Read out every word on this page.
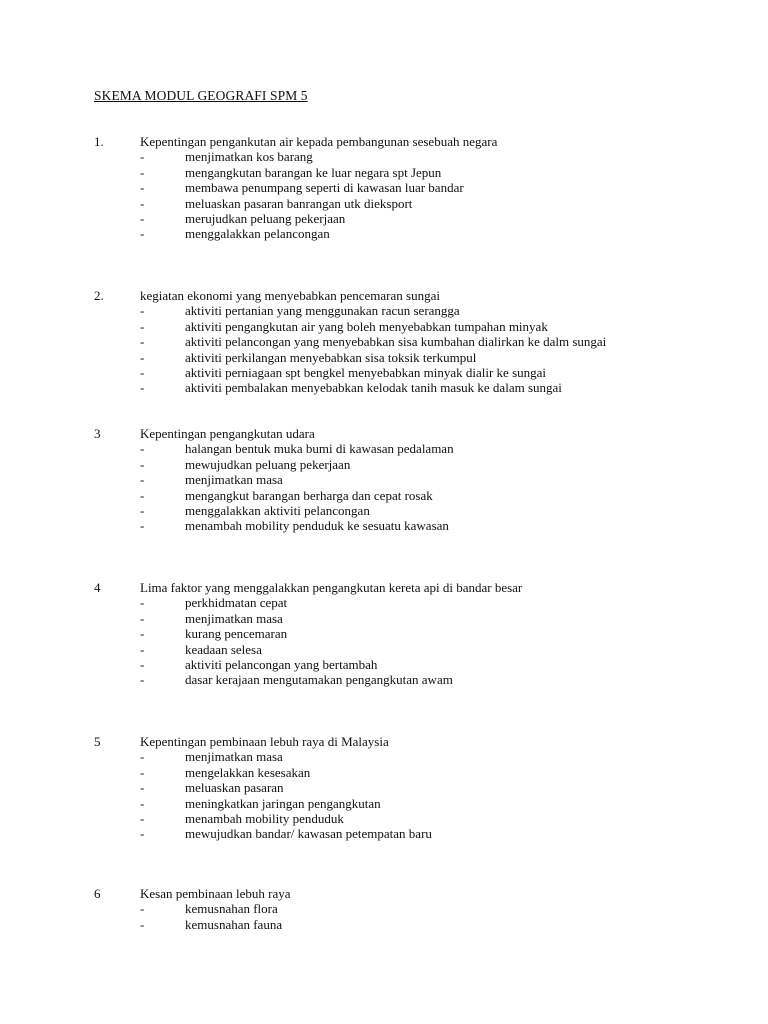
SKEMA MODUL GEOGRAFI SPM 5
1.	Kepentingan pengankutan air kepada pembangunan sesebuah negara
-	menjimatkan kos barang
-	mengangkutan barangan ke luar negara spt Jepun
-	membawa penumpang seperti di kawasan luar bandar
-	meluaskan pasaran banrangan utk dieksport
-	merujudkan peluang pekerjaan
-	menggalakkan pelancongan
2.	kegiatan ekonomi yang menyebabkan pencemaran sungai
-	aktiviti pertanian yang menggunakan racun serangga
-	aktiviti pengangkutan air yang boleh menyebabkan tumpahan minyak
-	aktiviti pelancongan yang menyebabkan sisa kumbahan dialirkan ke dalm sungai
-	aktiviti perkilangan menyebabkan sisa toksik terkumpul
-	aktiviti perniagaan spt bengkel menyebabkan minyak dialir ke sungai
-	aktiviti pembalakan menyebabkan kelodak tanih masuk ke dalam sungai
3	Kepentingan pengangkutan udara
-	halangan bentuk muka bumi di kawasan pedalaman
-	mewujudkan peluang pekerjaan
-	menjimatkan masa
-	mengangkut barangan berharga dan cepat rosak
-	menggalakkan aktiviti pelancongan
-	menambah mobility penduduk ke sesuatu kawasan
4	Lima faktor yang menggalakkan pengangkutan kereta api di bandar besar
-	perkhidmatan cepat
-	menjimatkan masa
-	kurang pencemaran
-	keadaan selesa
-	aktiviti pelancongan yang bertambah
-	dasar kerajaan mengutamakan pengangkutan awam
5	Kepentingan pembinaan lebuh raya di Malaysia
-	menjimatkan masa
-	mengelakkan kesesakan
-	meluaskan pasaran
-	meningkatkan jaringan pengangkutan
-	menambah mobility penduduk
-	mewujudkan bandar/ kawasan petempatan baru
6	Kesan pembinaan lebuh raya
-	kemusnahan flora
-	kemusnahan fauna
